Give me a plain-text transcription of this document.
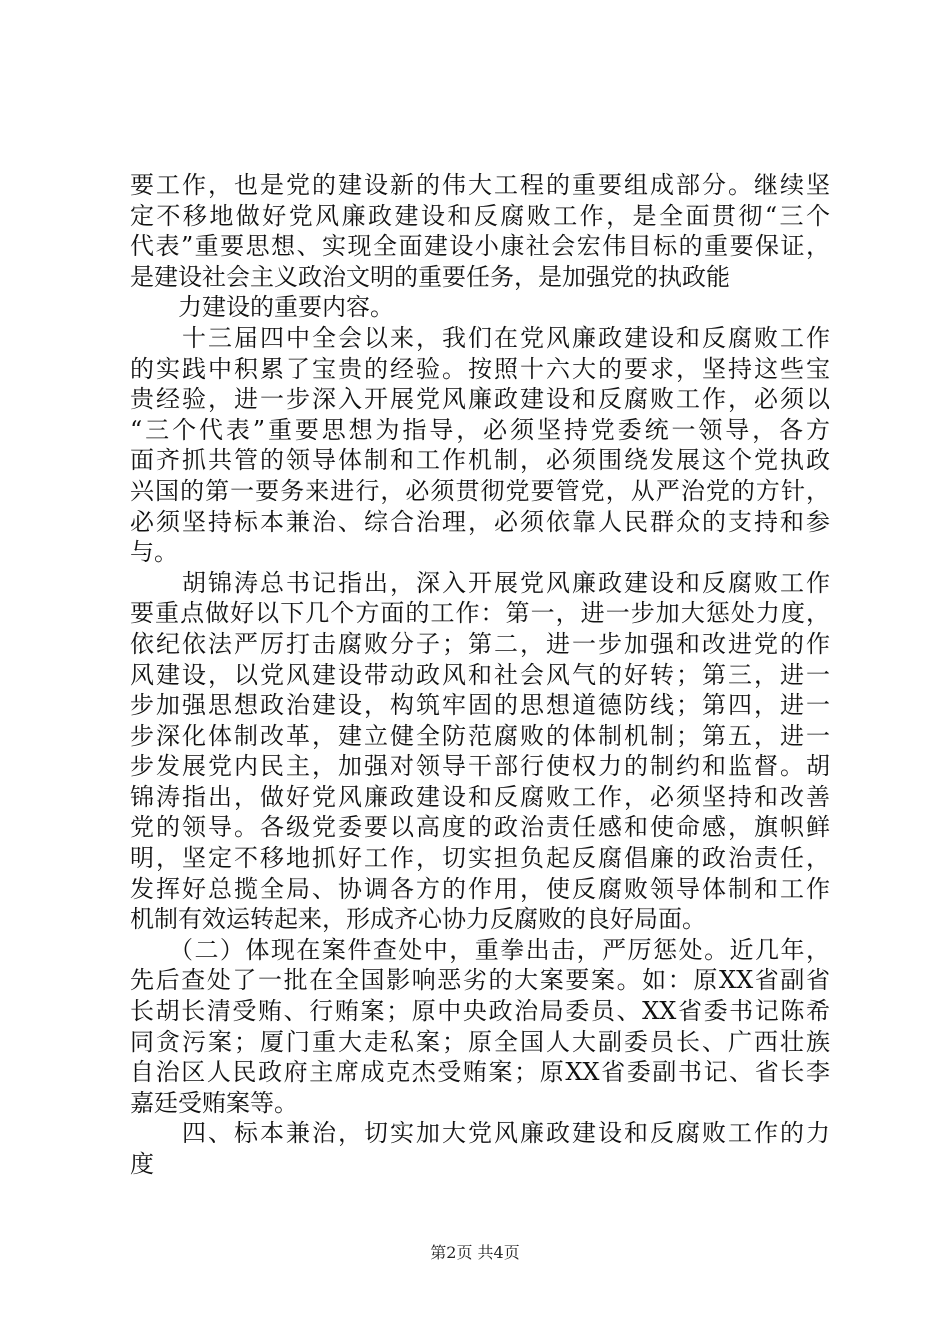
要工作，也是党的建设新的伟大工程的重要组成部分。继续坚
定不移地做好党风廉政建设和反腐败工作，是全面贯彻“三个
代表”重要思想、实现全面建设小康社会宏伟目标的重要保证，
是建设社会主义政治文明的重要任务，是加强党的执政能
　　力建设的重要内容。
　　十三届四中全会以来，我们在党风廉政建设和反腐败工作
的实践中积累了宝贵的经验。按照十六大的要求，坚持这些宝
贵经验，进一步深入开展党风廉政建设和反腐败工作，必须以
“三个代表”重要思想为指导，必须坚持党委统一领导，各方
面齐抓共管的领导体制和工作机制，必须围绕发展这个党执政
兴国的第一要务来进行，必须贯彻党要管党，从严治党的方针，
必须坚持标本兼治、综合治理，必须依靠人民群众的支持和参
与。
　　胡锦涛总书记指出，深入开展党风廉政建设和反腐败工作
要重点做好以下几个方面的工作：第一，进一步加大惩处力度，
依纪依法严厉打击腐败分子；第二，进一步加强和改进党的作
风建设，以党风建设带动政风和社会风气的好转；第三，进一
步加强思想政治建设，构筑牢固的思想道德防线；第四，进一
步深化体制改革，建立健全防范腐败的体制机制；第五，进一
步发展党内民主，加强对领导干部行使权力的制约和监督。胡
锦涛指出，做好党风廉政建设和反腐败工作，必须坚持和改善
党的领导。各级党委要以高度的政治责任感和使命感，旗帜鲜
明，坚定不移地抓好工作，切实担负起反腐倡廉的政治责任，
发挥好总揽全局、协调各方的作用，使反腐败领导体制和工作
机制有效运转起来，形成齐心协力反腐败的良好局面。
　　（二）体现在案件查处中，重拳出击，严厉惩处。近几年，
先后查处了一批在全国影响恶劣的大案要案。如：原XX省副省
长胡长清受贿、行贿案；原中央政治局委员、XX省委书记陈希
同贪污案；厦门重大走私案；原全国人大副委员长、广西壮族
自治区人民政府主席成克杰受贿案；原XX省委副书记、省长李
嘉廷受贿案等。
　　四、标本兼治，切实加大党风廉政建设和反腐败工作的力
度
第2页 共4页
